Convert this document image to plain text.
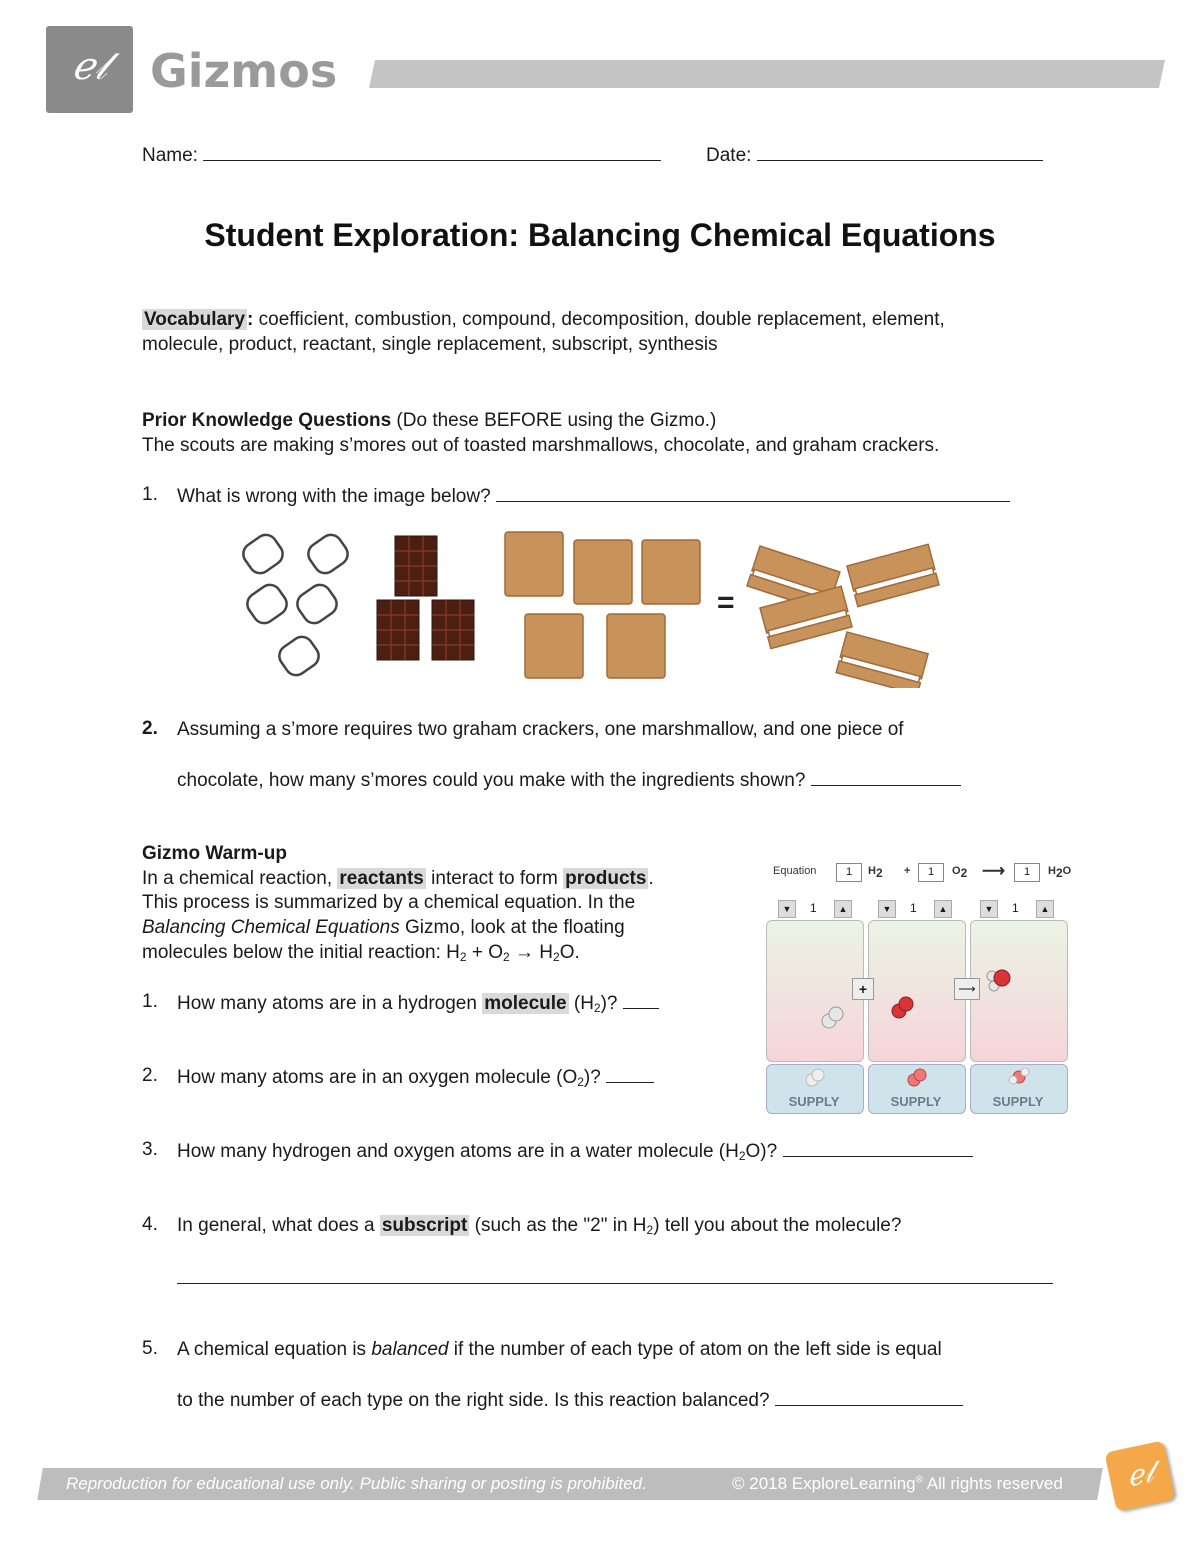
ℯ𝓁 Gizmos
Name:	Date:
Student Exploration: Balancing Chemical Equations
Vocabulary : coefficient, combustion, compound, decomposition, double replacement, element,
molecule, product, reactant, single replacement, subscript, synthesis
Prior Knowledge Questions (Do these BEFORE using the Gizmo.)
The scouts are making s’mores out of toasted marshmallows, chocolate, and graham crackers.
1. What is wrong with the image below?
=
2. Assuming a s’more requires two graham crackers, one marshmallow, and one piece of
chocolate, how many s’mores could you make with the ingredients shown?
Gizmo Warm-up
In a chemical reaction, reactants interact to form products .
This process is summarized by a chemical equation. In the
Balancing Chemical Equations Gizmo, look at the floating
molecules below the initial reaction: $H_2 + O_2 \to H_2O$.
1. How many atoms are in a hydrogen molecule $(H_2)$?
2. How many atoms are in an oxygen molecule $(O_2)$?
3. How many hydrogen and oxygen atoms are in a water molecule $(H_2O)$?
4. In general, what does a subscript (such as the "2" in $H_2$) tell you about the molecule?
5. A chemical equation is balanced if the number of each type of atom on the left side is equal
to the number of each type on the right side. Is this reaction balanced?
Equation	1	$H_2$ +	1	$O_2$ ⟶	1	$H_2O$
▼	1	▲	▼	1	▲	▼	1	▲
+	⟶
SUPPLY	SUPPLY	SUPPLY
Reproduction for educational use only. Public sharing or posting is prohibited.	© 2018 ExploreLearning® All rights reserved	ℯ𝓁
